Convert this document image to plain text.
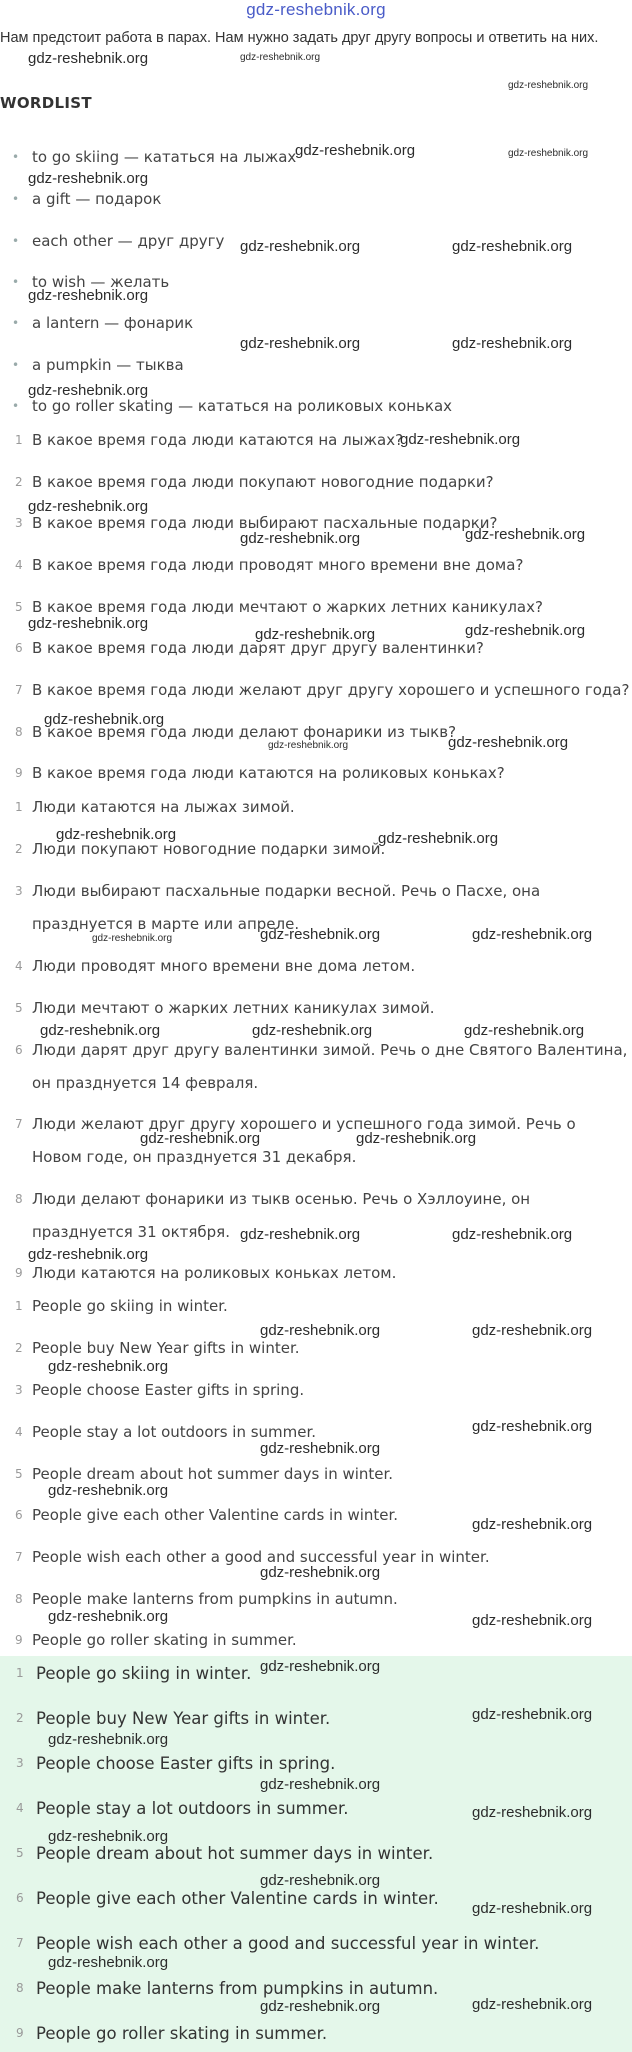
gdz-reshebnik.org
Нам предстоит работа в парах. Нам нужно задать друг другу вопросы и ответить на них.
WORDLIST
• to go skiing — кататься на лыжах
• a gift — подарок
• each other — друг другу
• to wish — желать
• a lantern — фонарик
• a pumpkin — тыква
• to go roller skating — кататься на роликовых коньках
1 В какое время года люди катаются на лыжах?
2 В какое время года люди покупают новогодние подарки?
3 В какое время года люди выбирают пасхальные подарки?
4 В какое время года люди проводят много времени вне дома?
5 В какое время года люди мечтают о жарких летних каникулах?
6 В какое время года люди дарят друг другу валентинки?
7 В какое время года люди желают друг другу хорошего и успешного года?
8 В какое время года люди делают фонарики из тыкв?
9 В какое время года люди катаются на роликовых коньках?
1 Люди катаются на лыжах зимой.
2 Люди покупают новогодние подарки зимой.
3 Люди выбирают пасхальные подарки весной. Речь о Пасхе, она празднуется в марте или апреле.
4 Люди проводят много времени вне дома летом.
5 Люди мечтают о жарких летних каникулах зимой.
6 Люди дарят друг другу валентинки зимой. Речь о дне Святого Валентина, он празднуется 14 февраля.
7 Люди желают друг другу хорошего и успешного года зимой. Речь о Новом годе, он празднуется 31 декабря.
8 Люди делают фонарики из тыкв осенью. Речь о Хэллоуине, он празднуется 31 октября.
9 Люди катаются на роликовых коньках летом.
1 People go skiing in winter.
2 People buy New Year gifts in winter.
3 People choose Easter gifts in spring.
4 People stay a lot outdoors in summer.
5 People dream about hot summer days in winter.
6 People give each other Valentine cards in winter.
7 People wish each other a good and successful year in winter.
8 People make lanterns from pumpkins in autumn.
9 People go roller skating in summer.
1 People go skiing in winter.
2 People buy New Year gifts in winter.
3 People choose Easter gifts in spring.
4 People stay a lot outdoors in summer.
5 People dream about hot summer days in winter.
6 People give each other Valentine cards in winter.
7 People wish each other a good and successful year in winter.
8 People make lanterns from pumpkins in autumn.
9 People go roller skating in summer.
gdz-reshebnik.org	gdz-reshebnik.org
gdz-reshebnik.org
gdz-reshebnik.org	gdz-reshebnik.org
gdz-reshebnik.org
gdz-reshebnik.org	gdz-reshebnik.org
gdz-reshebnik.org
gdz-reshebnik.org	gdz-reshebnik.org
gdz-reshebnik.org
gdz-reshebnik.org
gdz-reshebnik.org
gdz-reshebnik.org	gdz-reshebnik.org
gdz-reshebnik.org
gdz-reshebnik.org	gdz-reshebnik.org
gdz-reshebnik.org
gdz-reshebnik.org	gdz-reshebnik.org
gdz-reshebnik.org	gdz-reshebnik.org
gdz-reshebnik.org	gdz-reshebnik.org	gdz-reshebnik.org
gdz-reshebnik.org	gdz-reshebnik.org	gdz-reshebnik.org
gdz-reshebnik.org	gdz-reshebnik.org
gdz-reshebnik.org	gdz-reshebnik.org
gdz-reshebnik.org
gdz-reshebnik.org	gdz-reshebnik.org
gdz-reshebnik.org
gdz-reshebnik.org
gdz-reshebnik.org
gdz-reshebnik.org
gdz-reshebnik.org
gdz-reshebnik.org
gdz-reshebnik.org	gdz-reshebnik.org
gdz-reshebnik.org
gdz-reshebnik.org
gdz-reshebnik.org
gdz-reshebnik.org
gdz-reshebnik.org
gdz-reshebnik.org
gdz-reshebnik.org
gdz-reshebnik.org
gdz-reshebnik.org
gdz-reshebnik.org	gdz-reshebnik.org
